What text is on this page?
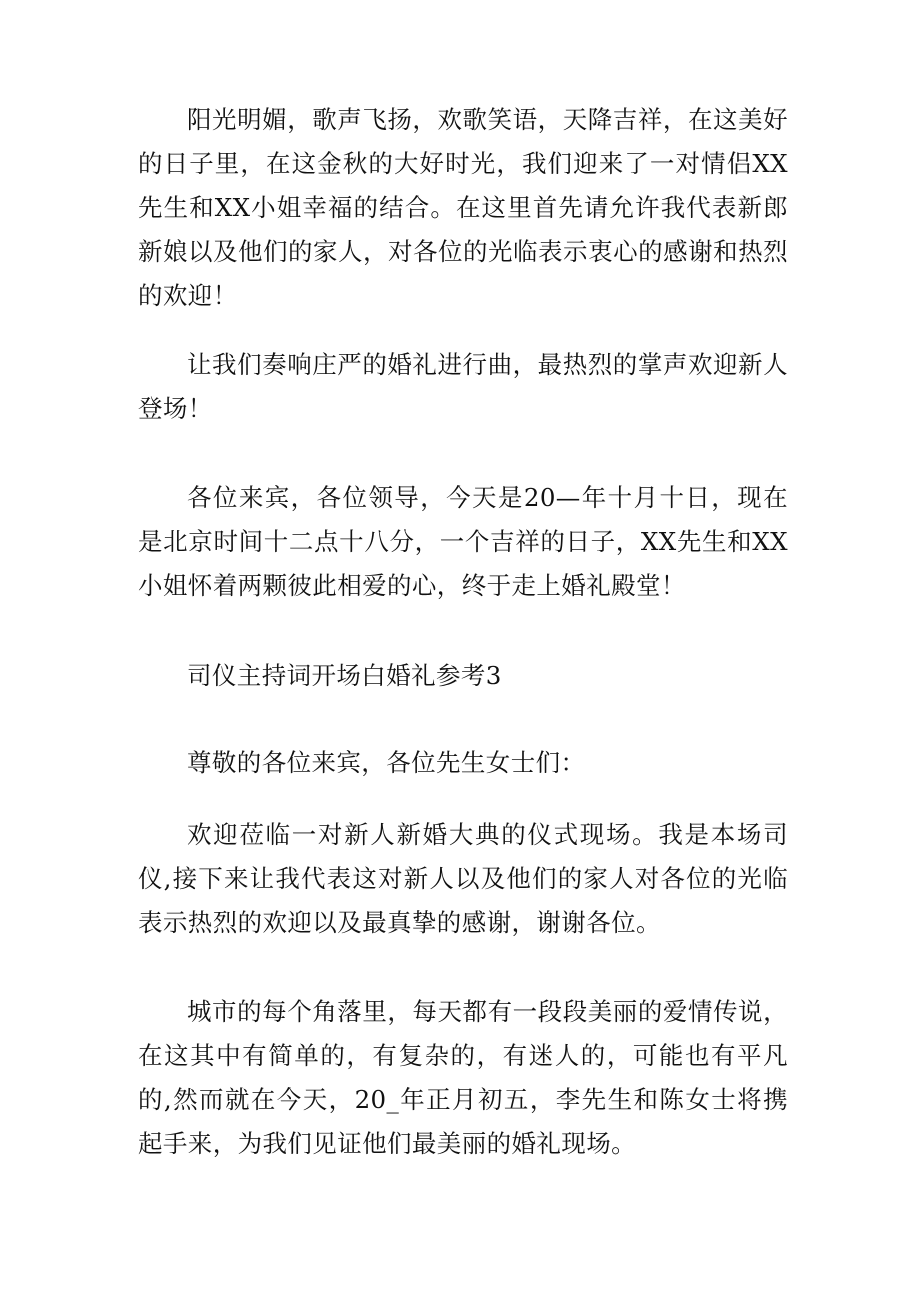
阳光明媚，歌声飞扬，欢歌笑语，天降吉祥，在这美好的日子里，在这金秋的大好时光，我们迎来了一对情侣XX先生和XX小姐幸福的结合。在这里首先请允许我代表新郎新娘以及他们的家人，对各位的光临表示衷心的感谢和热烈的欢迎！

让我们奏响庄严的婚礼进行曲，最热烈的掌声欢迎新人登场！

各位来宾，各位领导，今天是20—年十月十日，现在是北京时间十二点十八分，一个吉祥的日子，XX先生和XX小姐怀着两颗彼此相爱的心，终于走上婚礼殿堂！

司仪主持词开场白婚礼参考3

尊敬的各位来宾，各位先生女士们：

欢迎莅临一对新人新婚大典的仪式现场。我是本场司仪,接下来让我代表这对新人以及他们的家人对各位的光临表示热烈的欢迎以及最真挚的感谢，谢谢各位。

城市的每个角落里，每天都有一段段美丽的爱情传说，在这其中有简单的，有复杂的，有迷人的，可能也有平凡的,然而就在今天，20_年正月初五，李先生和陈女士将携起手来，为我们见证他们最美丽的婚礼现场。
